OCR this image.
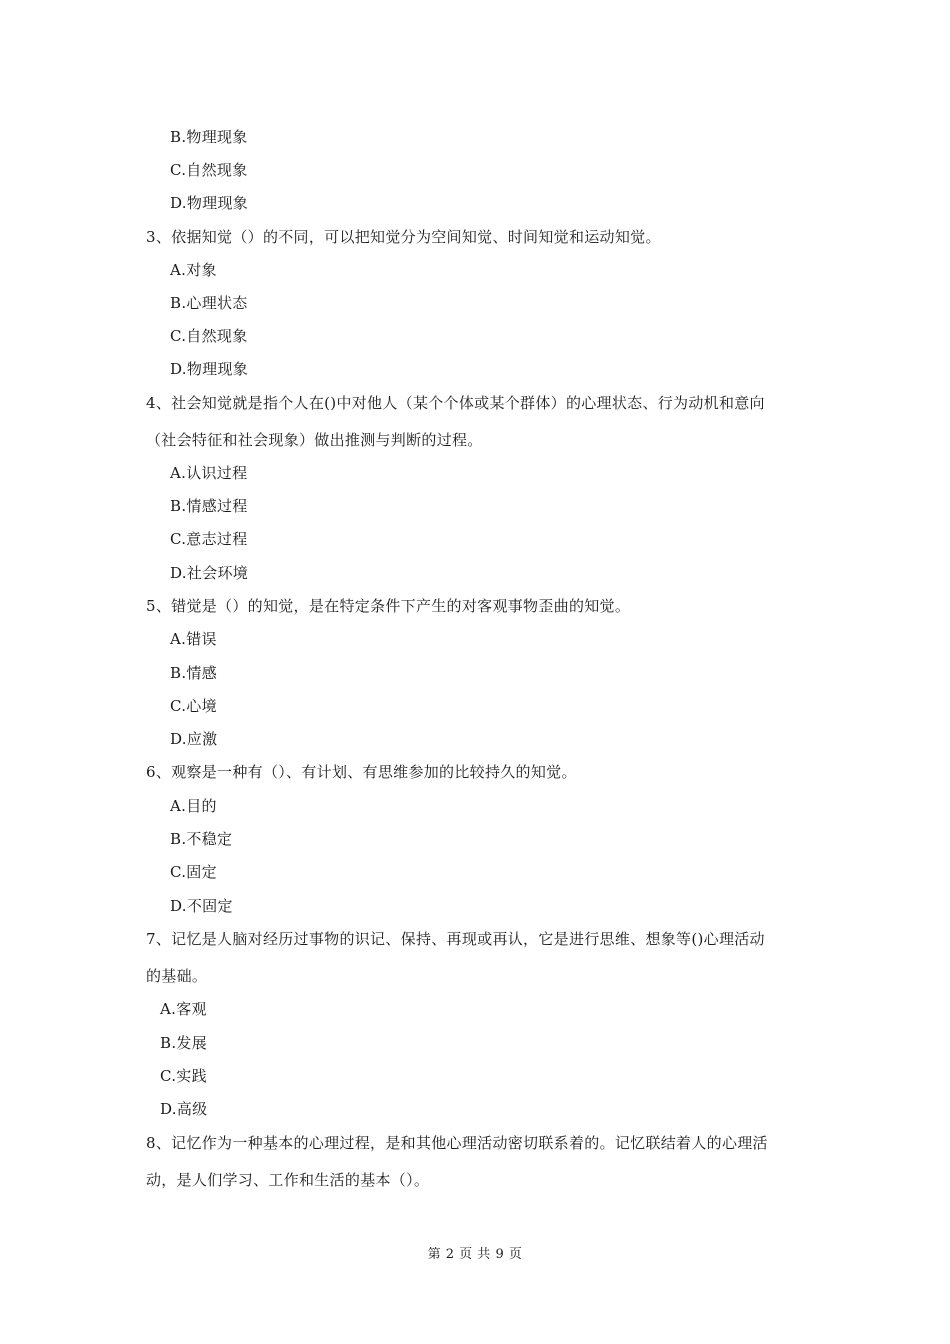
B.物理现象
C.自然现象
D.物理现象
3、依据知觉（）的不同，可以把知觉分为空间知觉、时间知觉和运动知觉。
A.对象
B.心理状态
C.自然现象
D.物理现象
4、社会知觉就是指个人在()中对他人（某个个体或某个群体）的心理状态、行为动机和意向
（社会特征和社会现象）做出推测与判断的过程。
A.认识过程
B.情感过程
C.意志过程
D.社会环境
5、错觉是（）的知觉，是在特定条件下产生的对客观事物歪曲的知觉。
A.错误
B.情感
C.心境
D.应激
6、观察是一种有（）、有计划、有思维参加的比较持久的知觉。
A.目的
B.不稳定
C.固定
D.不固定
7、记忆是人脑对经历过事物的识记、保持、再现或再认，它是进行思维、想象等()心理活动
的基础。
A.客观
B.发展
C.实践
D.高级
8、记忆作为一种基本的心理过程，是和其他心理活动密切联系着的。记忆联结着人的心理活
动，是人们学习、工作和生活的基本（）。
第 2 页 共 9 页
